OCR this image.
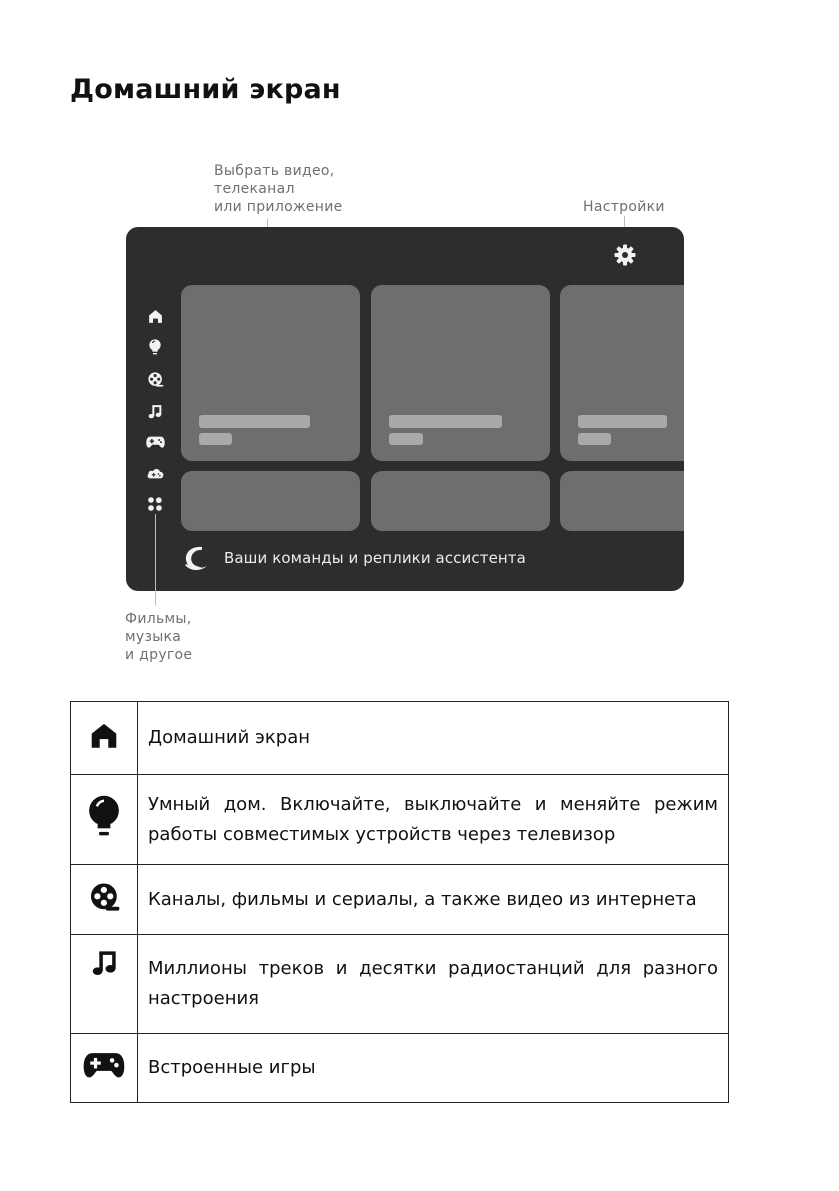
Домашний экран
Выбрать видео,
телеканал
или приложение	Настройки
Фильмы,
музыка
и другое
Ваши команды и реплики ассистента
	Домашний экран
	Умный дом. Включайте, выключайте и меняйте режим работы совместимых устройств через телевизор
	Каналы, фильмы и сериалы, а также видео из интернета
	Миллионы треков и десятки радиостанций для разного настроения
	Встроенные игры
